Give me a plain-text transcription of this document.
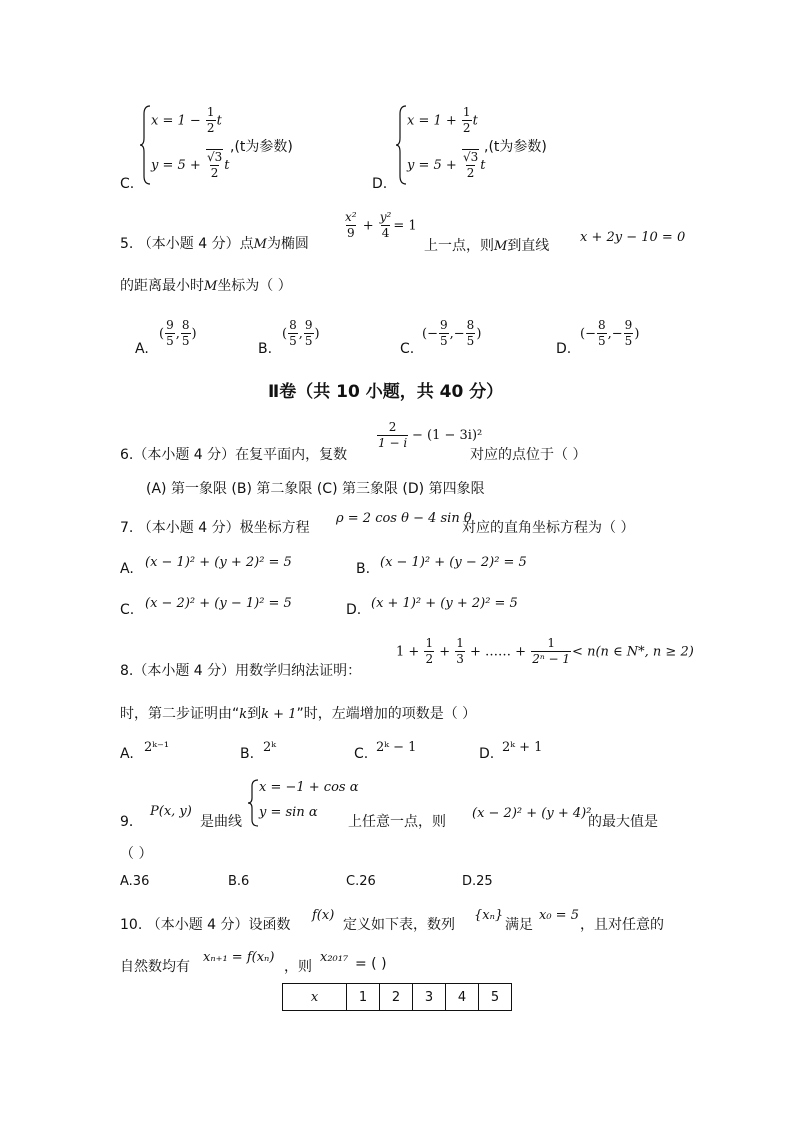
C.
$x = 1 - \frac{1}{2}$ t
$y = 5 + \frac{√3}{2}$ t
,(t为参数)
D.
$x = 1 + \frac{1}{2}$ t
$y = 5 + \frac{√3}{2}$ t
,(t为参数)
5. （本小题 4 分）点M为椭圆
$\frac{\text{x²}}{9} + \frac{\text{y²}}{4} = 1$
上一点，则M到直线
x + 2y − 10 = 0
的距离最小时M坐标为（ ）
A.
( $\frac{9}{5}$ , $\frac{8}{5}$ )
B.
( $\frac{8}{5}$ , $\frac{9}{5}$ )
C.
(− $\frac{9}{5}$ ,− $\frac{8}{5}$ )
D.
(− $\frac{8}{5}$ ,− $\frac{9}{5}$ )
Ⅱ卷（共 10 小题，共 40 分）
6.（本小题 4 分）在复平面内，复数
$\frac{2}{1 - i} - (1 - 3i)^2$
对应的点位于（ ）
(A) 第一象限 (B) 第二象限 (C) 第三象限 (D) 第四象限
7. （本小题 4 分）极坐标方程
ρ = 2 cos θ − 4 sin θ
对应的直角坐标方程为（ ）
A. (x − 1)² + (y + 2)² = 5	B. (x − 1)² + (y − 2)² = 5
C. (x − 2)² + (y − 1)² = 5	D. (x + 1)² + (y + 2)² = 5
8.（本小题 4 分）用数学归纳法证明：
$1 + \frac{1}{2} + \frac{1}{3}$ + …… + $\frac{1}{\text{2ⁿ − 1}} < n(n$ ∈ N*, n ≥ 2)
时，第二步证明由“k到k + 1”时，左端增加的项数是（ ）
A. 2ᵏ⁻¹	B. 2ᵏ	C. 2ᵏ − 1	D. 2ᵏ + 1
9．
P(x, y)
是曲线
x = −1 + cos α
y = sin α
上任意一点，则
(x − 2)² + (y + 4)²
的最大值是
（ ）
A.36	B.6	C.26	D.25
10. （本小题 4 分）设函数
f(x)
定义如下表，数列
{xₙ}
满足
x₀ = 5
，且对任意的
自然数均有
xₙ₊₁ = f(xₙ)
，则
x₂₀₁₇ = ( )
x	1	2	3	4	5
